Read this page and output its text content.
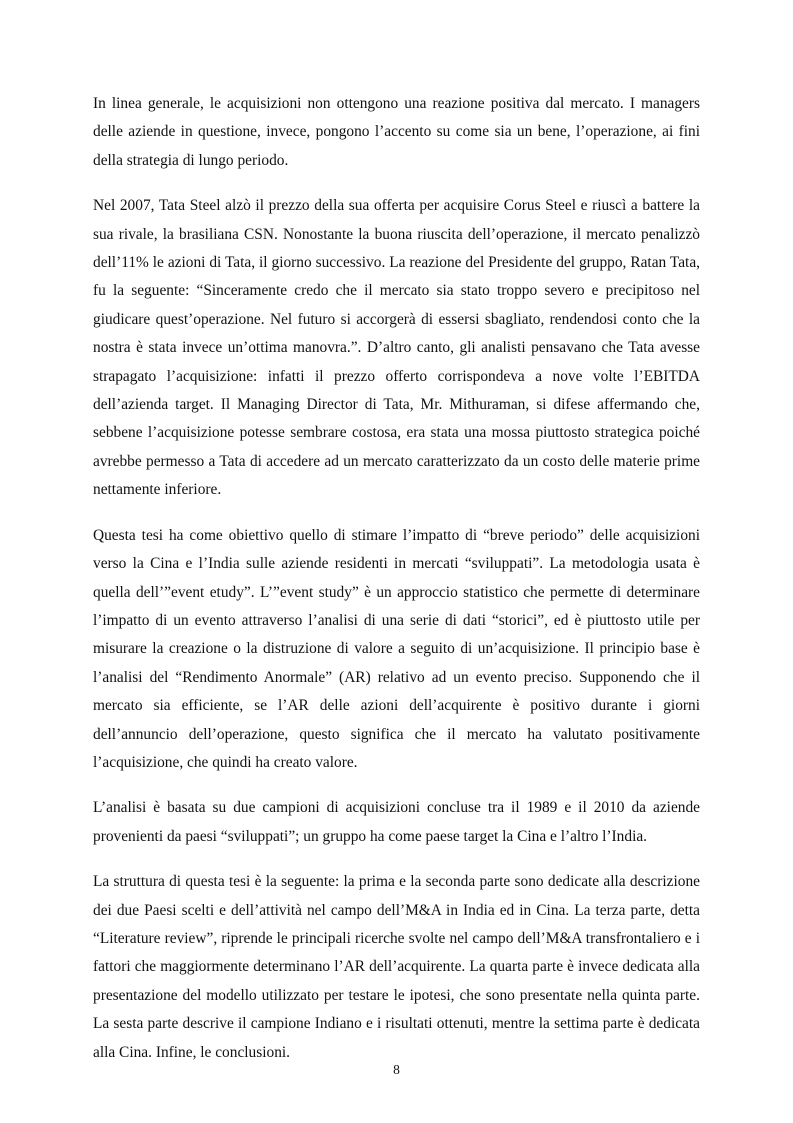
In linea generale, le acquisizioni non ottengono una reazione positiva dal mercato. I managers delle aziende in questione, invece, pongono l’accento su come sia un bene, l’operazione, ai fini della strategia di lungo periodo.

Nel 2007, Tata Steel alzò il prezzo della sua offerta per acquisire Corus Steel e riuscì a battere la sua rivale, la brasiliana CSN. Nonostante la buona riuscita dell’operazione, il mercato penalizzò dell’11% le azioni di Tata, il giorno successivo. La reazione del Presidente del gruppo, Ratan Tata, fu la seguente: “Sinceramente credo che il mercato sia stato troppo severo e precipitoso nel giudicare quest’operazione. Nel futuro si accorgerà di essersi sbagliato, rendendosi conto che la nostra è stata invece un’ottima manovra.”. D’altro canto, gli analisti pensavano che Tata avesse strapagato l’acquisizione: infatti il prezzo offerto corrispondeva a nove volte l’EBITDA dell’azienda target. Il Managing Director di Tata, Mr. Mithuraman, si difese affermando che, sebbene l’acquisizione potesse sembrare costosa, era stata una mossa piuttosto strategica poiché avrebbe permesso a Tata di accedere ad un mercato caratterizzato da un costo delle materie prime nettamente inferiore.

Questa tesi ha come obiettivo quello di stimare l’impatto di “breve periodo” delle acquisizioni verso la Cina e l’India sulle aziende residenti in mercati “sviluppati”. La metodologia usata è quella dell’”event etudy”. L’”event study” è un approccio statistico che permette di determinare l’impatto di un evento attraverso l’analisi di una serie di dati “storici”, ed è piuttosto utile per misurare la creazione o la distruzione di valore a seguito di un’acquisizione. Il principio base è l’analisi del “Rendimento Anormale” (AR) relativo ad un evento preciso. Supponendo che il mercato sia efficiente, se l’AR delle azioni dell’acquirente è positivo durante i giorni dell’annuncio dell’operazione, questo significa che il mercato ha valutato positivamente l’acquisizione, che quindi ha creato valore.

L’analisi è basata su due campioni di acquisizioni concluse tra il 1989 e il 2010 da aziende provenienti da paesi “sviluppati”; un gruppo ha come paese target la Cina e l’altro l’India.

La struttura di questa tesi è la seguente: la prima e la seconda parte sono dedicate alla descrizione dei due Paesi scelti e dell’attività nel campo dell’M&A in India ed in Cina. La terza parte, detta “Literature review”, riprende le principali ricerche svolte nel campo dell’M&A transfrontaliero e i fattori che maggiormente determinano l’AR dell’acquirente. La quarta parte è invece dedicata alla presentazione del modello utilizzato per testare le ipotesi, che sono presentate nella quinta parte. La sesta parte descrive il campione Indiano e i risultati ottenuti, mentre la settima parte è dedicata alla Cina. Infine, le conclusioni.

8
